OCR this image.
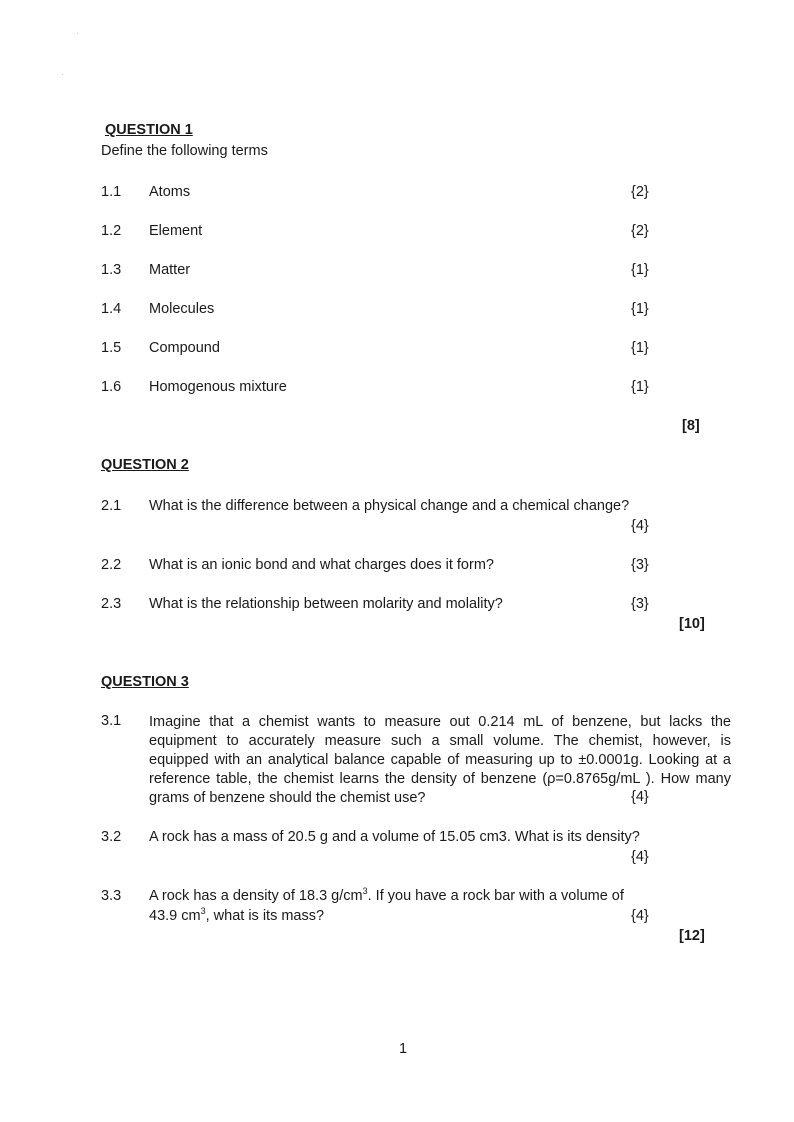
QUESTION 1
Define the following terms
1.1 Atoms	{2}
1.2 Element	{2}
1.3 Matter	{1}
1.4 Molecules	{1}
1.5 Compound	{1}
1.6 Homogenous mixture	{1}
[8]
QUESTION 2
2.1 What is the difference between a physical change and a chemical change?
{4}
2.2 What is an ionic bond and what charges does it form?	{3}
2.3 What is the relationship between molarity and molality?	{3}
[10]
QUESTION 3
3.1 Imagine that a chemist wants to measure out 0.214 mL of benzene, but lacks the
equipment to accurately measure such a small volume. The chemist, however, is
equipped with an analytical balance capable of measuring up to ±0.0001g. Looking at a
reference table, the chemist learns the density of benzene (ρ=0.8765g/mL ). How many
grams of benzene should the chemist use?	{4}
3.2 A rock has a mass of 20.5 g and a volume of 15.05 cm3. What is its density?
{4}
3.3 A rock has a density of 18.3 $g/cm^3$. If you have a rock bar with a volume of
43.9 $cm^3$, what is its mass?	{4}
[12]
1
